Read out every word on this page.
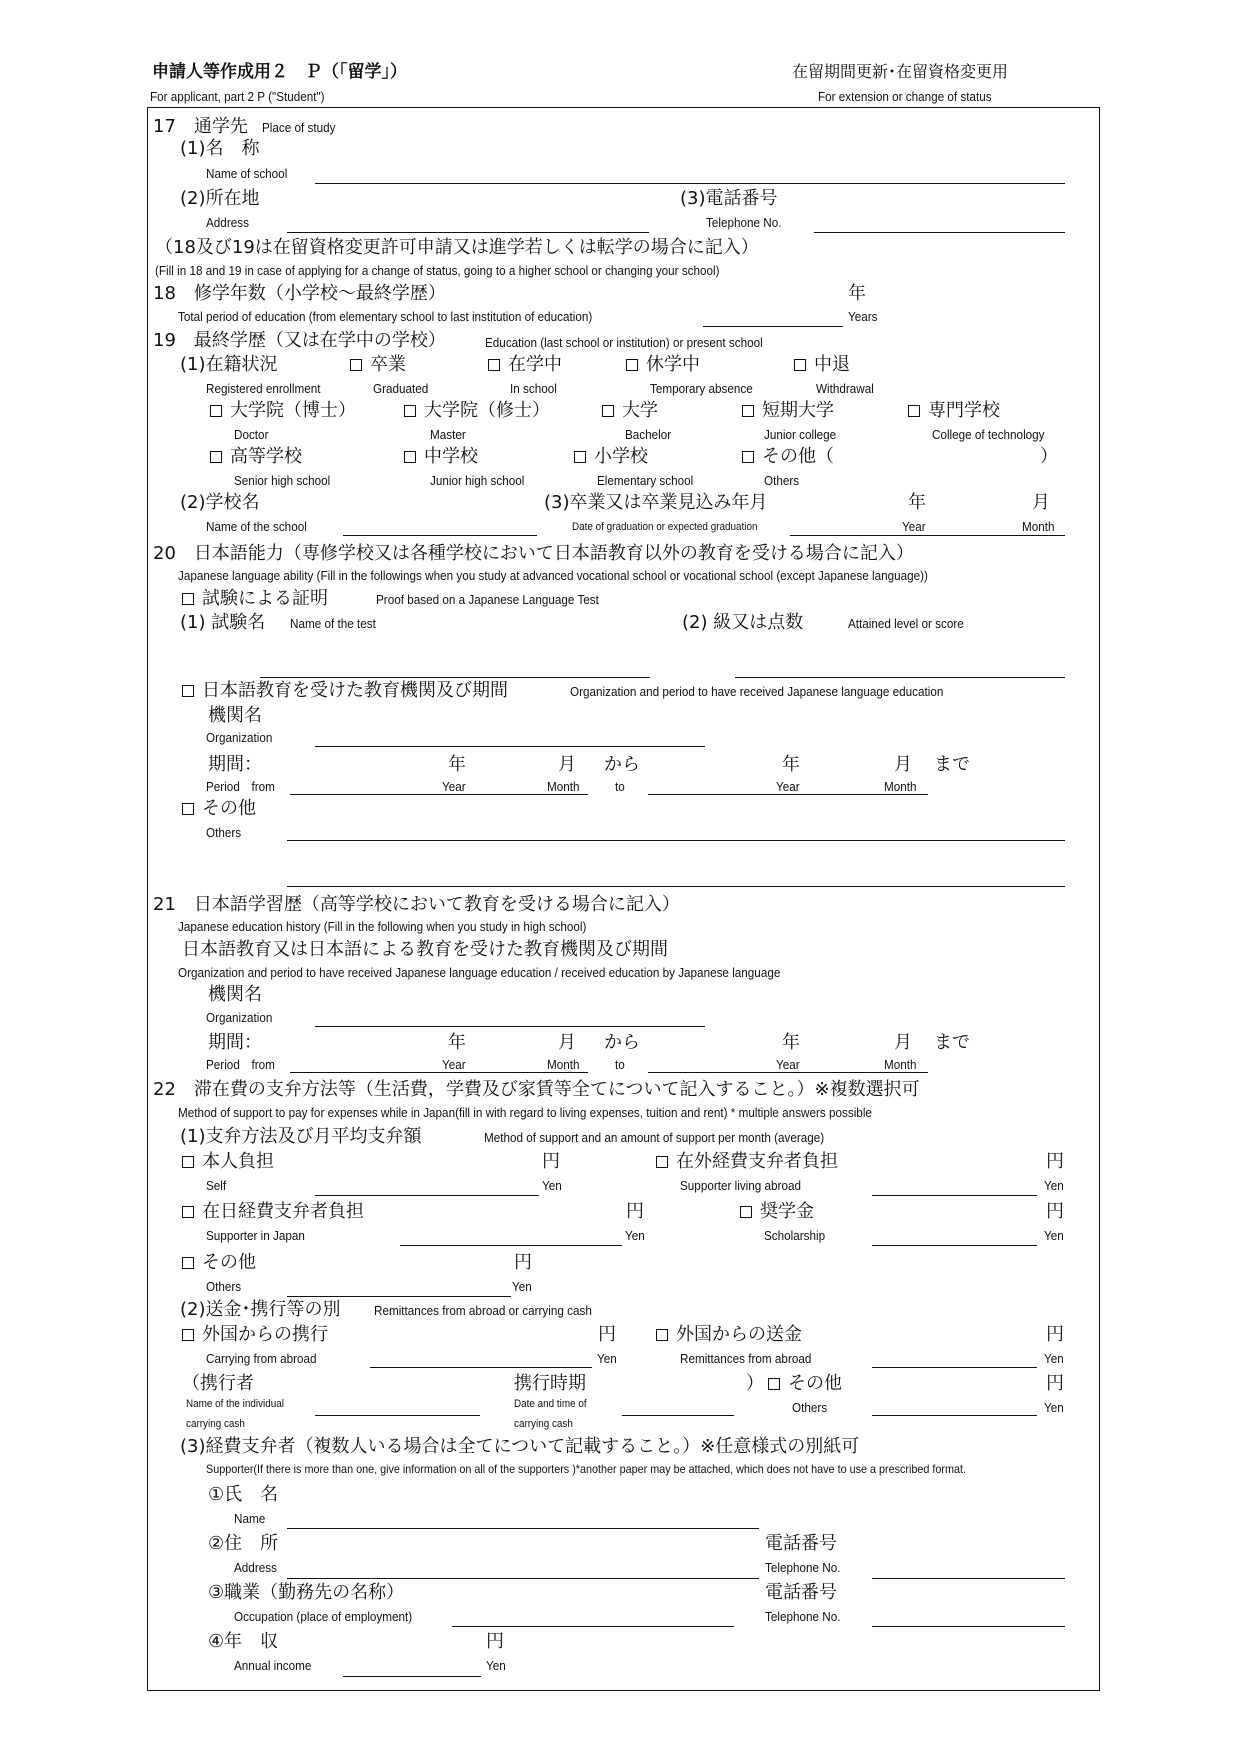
申請人等作成用２　Ｐ（「留学」）
For applicant, part 2 P ("Student")
在留期間更新･在留資格変更用
For extension or change of status
17　通学先 Place of study
(1)名　称
Name of school
(2)所在地
Address
(3)電話番号
Telephone No.
（18及び19は在留資格変更許可申請又は進学若しくは転学の場合に記入）
(Fill in 18 and 19 in case of applying for a change of status, going to a higher school or changing your school)
18　修学年数（小学校～最終学歴）	年
Total period of education (from elementary school to last institution of education)	Years
19　最終学歴（又は在学中の学校）	Education (last school or institution) or present school
(1)在籍状況
Registered enrollment
卒業
Graduated
在学中
In school
休学中
Temporary absence
中退
Withdrawal
大学院（博士）
Doctor
大学院（修士）
Master
大学
Bachelor
短期大学
Junior college
専門学校
College of technology
高等学校
Senior high school
中学校
Junior high school
小学校
Elementary school
その他（
Others
）
(2)学校名
Name of the school
(3)卒業又は卒業見込み年月
Date of graduation or expected graduation
年
Year
月
Month
20　日本語能力（専修学校又は各種学校において日本語教育以外の教育を受ける場合に記入）
Japanese language ability (Fill in the followings when you study at advanced vocational school or vocational school (except Japanese language))
試験による証明	Proof based on a Japanese Language Test
(1) 試験名 Name of the test	(2) 級又は点数	Attained level or score
日本語教育を受けた教育機関及び期間	Organization and period to have received Japanese language education
機関名
Organization
期間：
Period　from
年
Year
月
Month
から
to
年
Year
月
Month
まで
その他
Others
21　日本語学習歴（高等学校において教育を受ける場合に記入）
Japanese education history (Fill in the following when you study in high school)
日本語教育又は日本語による教育を受けた教育機関及び期間
Organization and period to have received Japanese language education / received education by Japanese language
機関名
Organization
期間：
Period　from
年
Year
月
Month
から
to
年
Year
月
Month
まで
22　滞在費の支弁方法等（生活費，学費及び家賃等全てについて記入すること。）※複数選択可
Method of support to pay for expenses while in Japan(fill in with regard to living expenses, tuition and rent) * multiple answers possible
(1)支弁方法及び月平均支弁額	Method of support and an amount of support per month (average)
本人負担
Self
円
Yen
在外経費支弁者負担
Supporter living abroad
円
Yen
在日経費支弁者負担
Supporter in Japan
円
Yen
奨学金
Scholarship
円
Yen
その他
Others
円
Yen
(2)送金･携行等の別	Remittances from abroad or carrying cash
外国からの携行
Carrying from abroad
円
Yen
外国からの送金
Remittances from abroad
円
Yen
（携行者
Name of the individual
carrying cash
携行時期
Date and time of
carrying cash
）	その他
Others
円
Yen
(3)経費支弁者（複数人いる場合は全てについて記載すること。）※任意様式の別紙可
Supporter(If there is more than one, give information on all of the supporters )*another paper may be attached, which does not have to use a prescribed format.
①氏　名
Name
②住　所
Address
電話番号
Telephone No.
③職業（勤務先の名称）
Occupation (place of employment)
電話番号
Telephone No.
④年　収
Annual income
円
Yen
